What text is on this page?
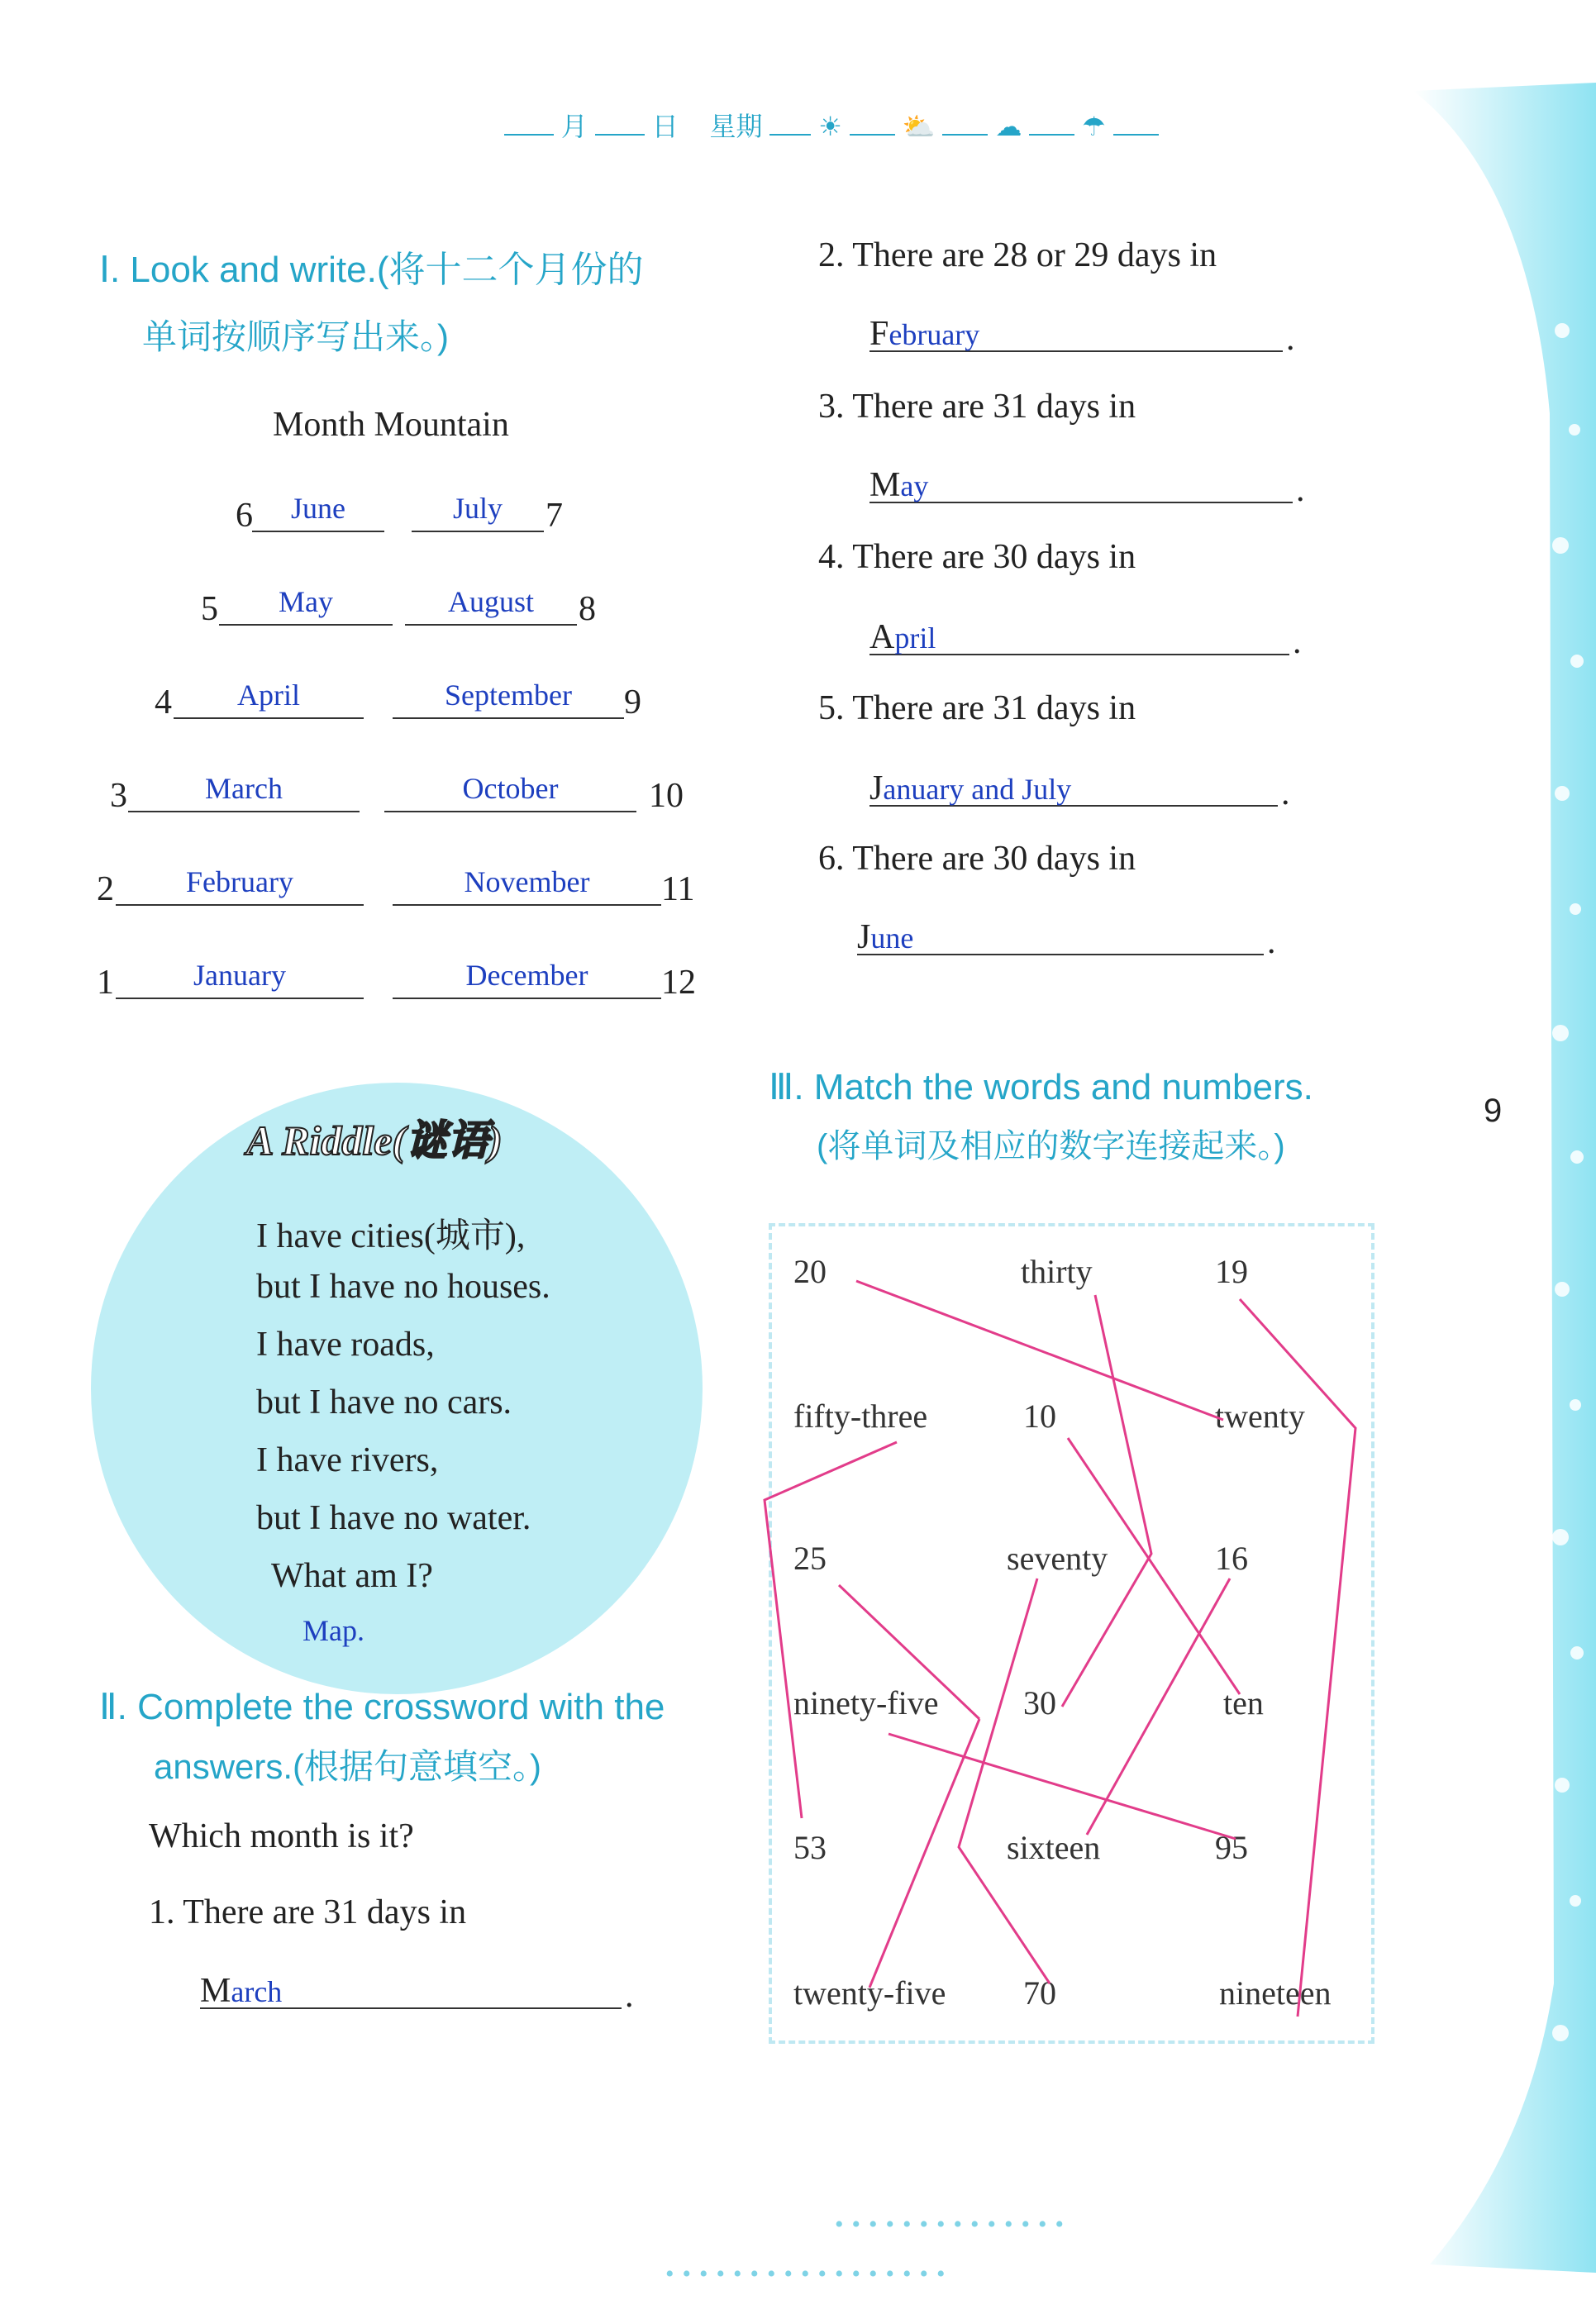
9
月 日 星期 ☀ ⛅ ☁ ☂
Ⅰ. Look and write.(将十二个月份的
单词按顺序写出来。)
Month Mountain
6	June	July	7
5	May	August	8
4	April	September	9
3	March	October	10
2	February	November	11
1	January	December	12
A Riddle(谜语)
I have cities(城市),
but I have no houses.
I have roads,
but I have no cars.
I have rivers,
but I have no water.
What am I?
Map.
Ⅱ. Complete the crossword with the
answers.(根据句意填空。)
Which month is it?
1. There are 31 days in
.
March
2. There are 28 or 29 days in
.
February
3. There are 31 days in
.
May
4. There are 30 days in
.
April
5. There are 31 days in
.
January and July
6. There are 30 days in
.
June
Ⅲ. Match the words and numbers.
(将单词及相应的数字连接起来。)
20	thirty	19
fifty-three	10	twenty
25	seventy	16
ninety-five	30	ten
53	sixteen	95
twenty-five 70	nineteen
••••••••••••••
•••••••••••••••••
